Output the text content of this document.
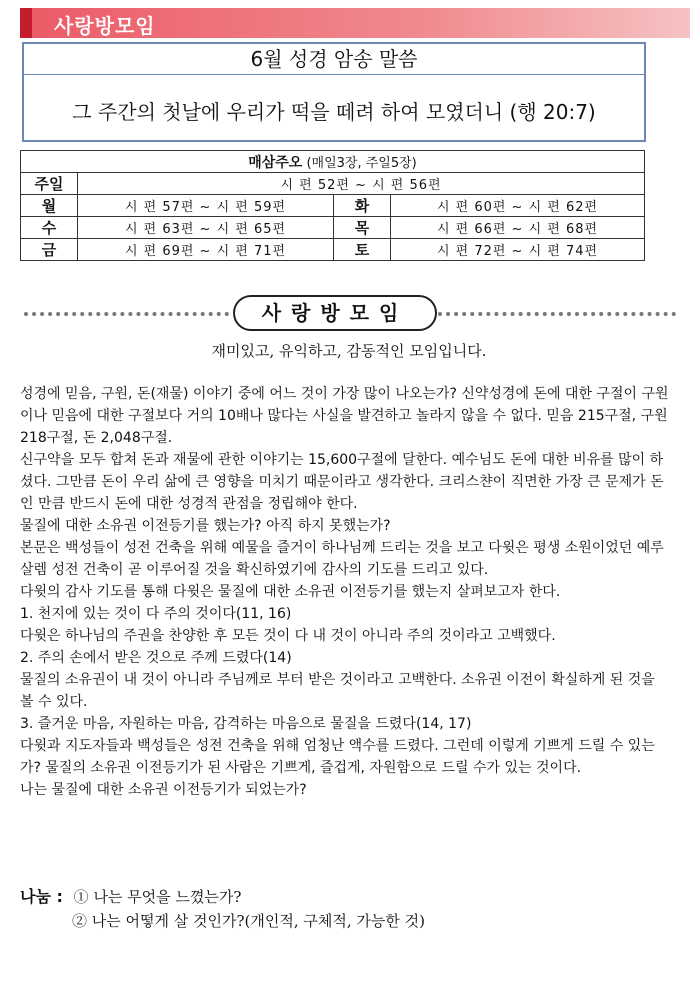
사랑방모임
6월 성경 암송 말씀
그 주간의 첫날에 우리가 떡을 떼려 하여 모였더니 (행 20:7)
매삼주오 (매일3장, 주일5장)			
주일	시 편 52편 ~ 시 편 56편		
월	시 편 57편 ~ 시 편 59편	화	시 편 60편 ~ 시 편 62편
수	시 편 63편 ~ 시 편 65편	목	시 편 66편 ~ 시 편 68편
금	시 편 69편 ~ 시 편 71편	토	시 편 72편 ~ 시 편 74편
사랑방모임
재미있고, 유익하고, 감동적인 모임입니다.

성경에 믿음, 구원, 돈(재물) 이야기 중에 어느 것이 가장 많이 나오는가? 신약성경에 돈에 대한 구절이 구원이나 믿음에 대한 구절보다 거의 10배나 많다는 사실을 발견하고 놀라지 않을 수 없다. 믿음 215구절, 구원 218구절, 돈 2,048구절.

신구약을 모두 합쳐 돈과 재물에 관한 이야기는 15,600구절에 달한다. 예수님도 돈에 대한 비유를 많이 하셨다. 그만큼 돈이 우리 삶에 큰 영향을 미치기 때문이라고 생각한다. 크리스챤이 직면한 가장 큰 문제가 돈인 만큼 반드시 돈에 대한 성경적 관점을 정립해야 한다.

물질에 대한 소유권 이전등기를 했는가? 아직 하지 못했는가?

본문은 백성들이 성전 건축을 위해 예물을 즐거이 하나님께 드리는 것을 보고 다윗은 평생 소원이었던 예루살렘 성전 건축이 곧 이루어질 것을 확신하였기에 감사의 기도를 드리고 있다.

다윗의 감사 기도를 통해 다윗은 물질에 대한 소유권 이전등기를 했는지 살펴보고자 한다.

1. 천지에 있는 것이 다 주의 것이다(11, 16)

다윗은 하나님의 주권을 찬양한 후 모든 것이 다 내 것이 아니라 주의 것이라고 고백했다.

2. 주의 손에서 받은 것으로 주께 드렸다(14)

물질의 소유권이 내 것이 아니라 주님께로 부터 받은 것이라고 고백한다. 소유권 이전이 확실하게 된 것을 볼 수 있다.

3. 즐거운 마음, 자원하는 마음, 감격하는 마음으로 물질을 드렸다(14, 17)

다윗과 지도자들과 백성들은 성전 건축을 위해 엄청난 액수를 드렸다. 그런데 이렇게 기쁘게 드릴 수 있는가? 물질의 소유권 이전등기가 된 사람은 기쁘게, 즐겁게, 자원함으로 드릴 수가 있는 것이다.

나는 물질에 대한 소유권 이전등기가 되었는가?

나눔 : ① 나는 무엇을 느꼈는가?
② 나는 어떻게 살 것인가?(개인적, 구체적, 가능한 것)
